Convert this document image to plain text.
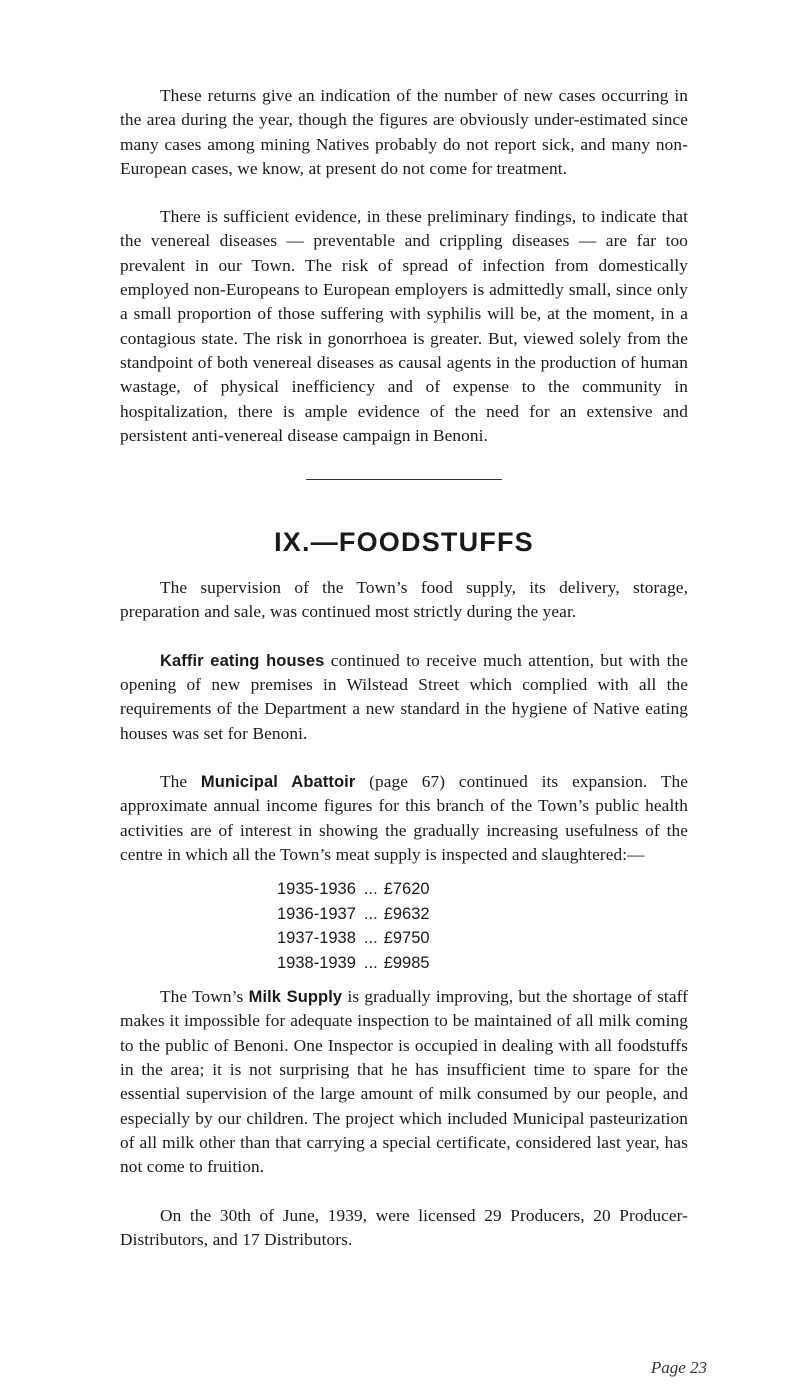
These returns give an indication of the number of new cases occurring in the area during the year, though the figures are obviously under-estimated since many cases among mining Natives probably do not report sick, and many non-European cases, we know, at present do not come for treatment.

There is sufficient evidence, in these preliminary findings, to indicate that the venereal diseases — preventable and crippling diseases — are far too prevalent in our Town. The risk of spread of infection from domestically employed non-Europeans to European employers is admittedly small, since only a small proportion of those suffering with syphilis will be, at the moment, in a contagious state. The risk in gonorrhoea is greater. But, viewed solely from the standpoint of both venereal diseases as causal agents in the production of human wastage, of physical inefficiency and of expense to the community in hospitalization, there is ample evidence of the need for an extensive and persistent anti-venereal disease campaign in Benoni.

IX.—FOODSTUFFS

The supervision of the Town’s food supply, its delivery, storage, preparation and sale, was continued most strictly during the year.

Kaffir eating houses continued to receive much attention, but with the opening of new premises in Wilstead Street which complied with all the requirements of the Department a new standard in the hygiene of Native eating houses was set for Benoni.

The Municipal Abattoir (page 67) continued its expansion. The approximate annual income figures for this branch of the Town’s public health activities are of interest in showing the gradually increasing usefulness of the centre in which all the Town’s meat supply is inspected and slaughtered:—

1935-1936	...	£7620
1936-1937	...	£9632
1937-1938	...	£9750
1938-1939	...	£9985

The Town’s Milk Supply is gradually improving, but the shortage of staff makes it impossible for adequate inspection to be maintained of all milk coming to the public of Benoni. One Inspector is occupied in dealing with all foodstuffs in the area; it is not surprising that he has insufficient time to spare for the essential supervision of the large amount of milk consumed by our people, and especially by our children. The project which included Municipal pasteurization of all milk other than that carrying a special certificate, considered last year, has not come to fruition.

On the 30th of June, 1939, were licensed 29 Producers, 20 Producer-Distributors, and 17 Distributors.

Page 23
